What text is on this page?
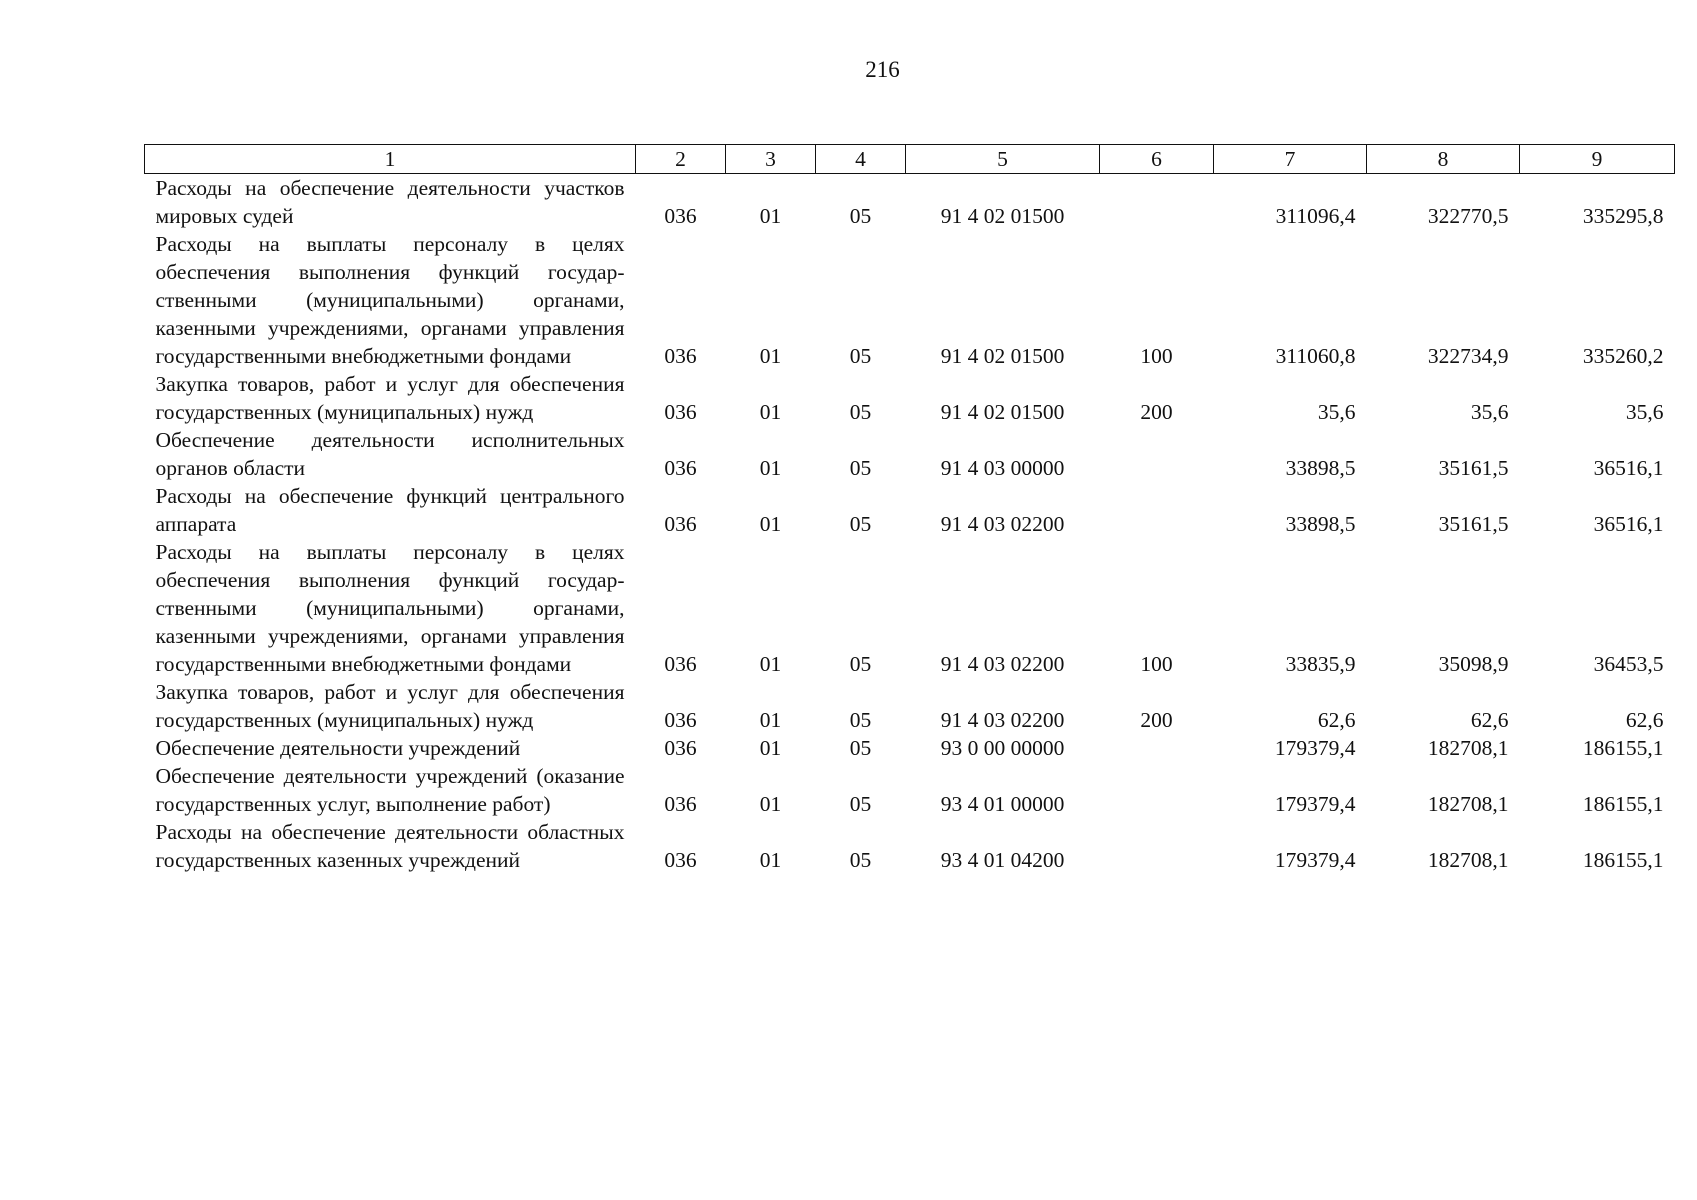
216
1	2	3	4	5	6	7	8	9
Расходы на обеспечение деятельности участков мировых судей	036	01	05	91 4 02 01500		311096,4	322770,5	335295,8
Расходы на выплаты персоналу в целях обеспечения выполнения функций государственными (муниципальными) органами, казенными учреждениями, органами управления государственными внебюджетными фондами	036	01	05	91 4 02 01500	100	311060,8	322734,9	335260,2
Закупка товаров, работ и услуг для обеспечения государственных (муниципальных) нужд	036	01	05	91 4 02 01500	200	35,6	35,6	35,6
Обеспечение деятельности исполнительных органов области	036	01	05	91 4 03 00000		33898,5	35161,5	36516,1
Расходы на обеспечение функций центрального аппарата	036	01	05	91 4 03 02200		33898,5	35161,5	36516,1
Расходы на выплаты персоналу в целях обеспечения выполнения функций государственными (муниципальными) органами, казенными учреждениями, органами управления государственными внебюджетными фондами	036	01	05	91 4 03 02200	100	33835,9	35098,9	36453,5
Закупка товаров, работ и услуг для обеспечения государственных (муниципальных) нужд	036	01	05	91 4 03 02200	200	62,6	62,6	62,6
Обеспечение деятельности учреждений	036	01	05	93 0 00 00000		179379,4	182708,1	186155,1
Обеспечение деятельности учреждений (оказание государственных услуг, выполнение работ)	036	01	05	93 4 01 00000		179379,4	182708,1	186155,1
Расходы на обеспечение деятельности областных государственных казенных учреждений	036	01	05	93 4 01 04200		179379,4	182708,1	186155,1
